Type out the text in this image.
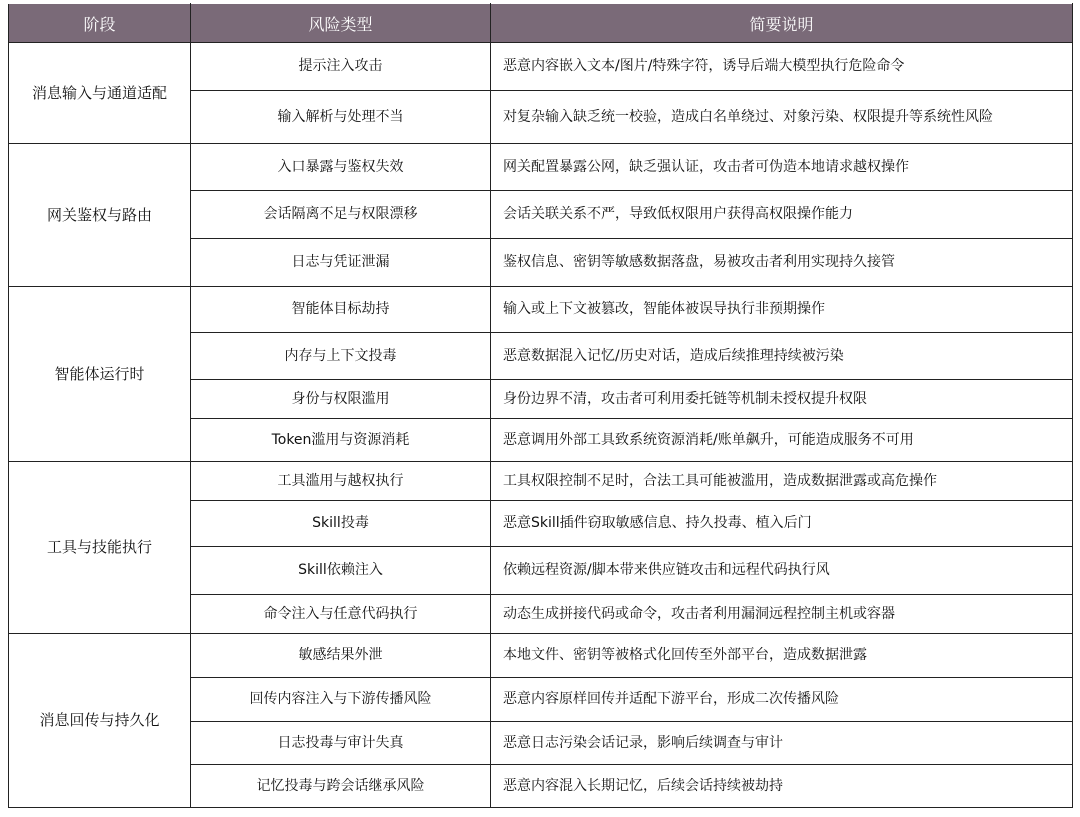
阶段	风险类型	简要说明
消息输入与通道适配	提示注入攻击	恶意内容嵌入文本/图片/特殊字符，诱导后端大模型执行危险命令
	输入解析与处理不当	对复杂输入缺乏统一校验，造成白名单绕过、对象污染、权限提升等系统性风险
网关鉴权与路由	入口暴露与鉴权失效	网关配置暴露公网，缺乏强认证，攻击者可伪造本地请求越权操作
	会话隔离不足与权限漂移	会话关联关系不严，导致低权限用户获得高权限操作能力
	日志与凭证泄漏	鉴权信息、密钥等敏感数据落盘，易被攻击者利用实现持久接管
智能体运行时	智能体目标劫持	输入或上下文被篡改，智能体被误导执行非预期操作
	内存与上下文投毒	恶意数据混入记忆/历史对话，造成后续推理持续被污染
	身份与权限滥用	身份边界不清，攻击者可利用委托链等机制未授权提升权限
	Token滥用与资源消耗	恶意调用外部工具致系统资源消耗/账单飙升，可能造成服务不可用
工具与技能执行	工具滥用与越权执行	工具权限控制不足时，合法工具可能被滥用，造成数据泄露或高危操作
	Skill投毒	恶意Skill插件窃取敏感信息、持久投毒、植入后门
	Skill依赖注入	依赖远程资源/脚本带来供应链攻击和远程代码执行风
	命令注入与任意代码执行	动态生成拼接代码或命令，攻击者利用漏洞远程控制主机或容器
消息回传与持久化	敏感结果外泄	本地文件、密钥等被格式化回传至外部平台，造成数据泄露
	回传内容注入与下游传播风险	恶意内容原样回传并适配下游平台，形成二次传播风险
	日志投毒与审计失真	恶意日志污染会话记录，影响后续调查与审计
	记忆投毒与跨会话继承风险	恶意内容混入长期记忆，后续会话持续被劫持
